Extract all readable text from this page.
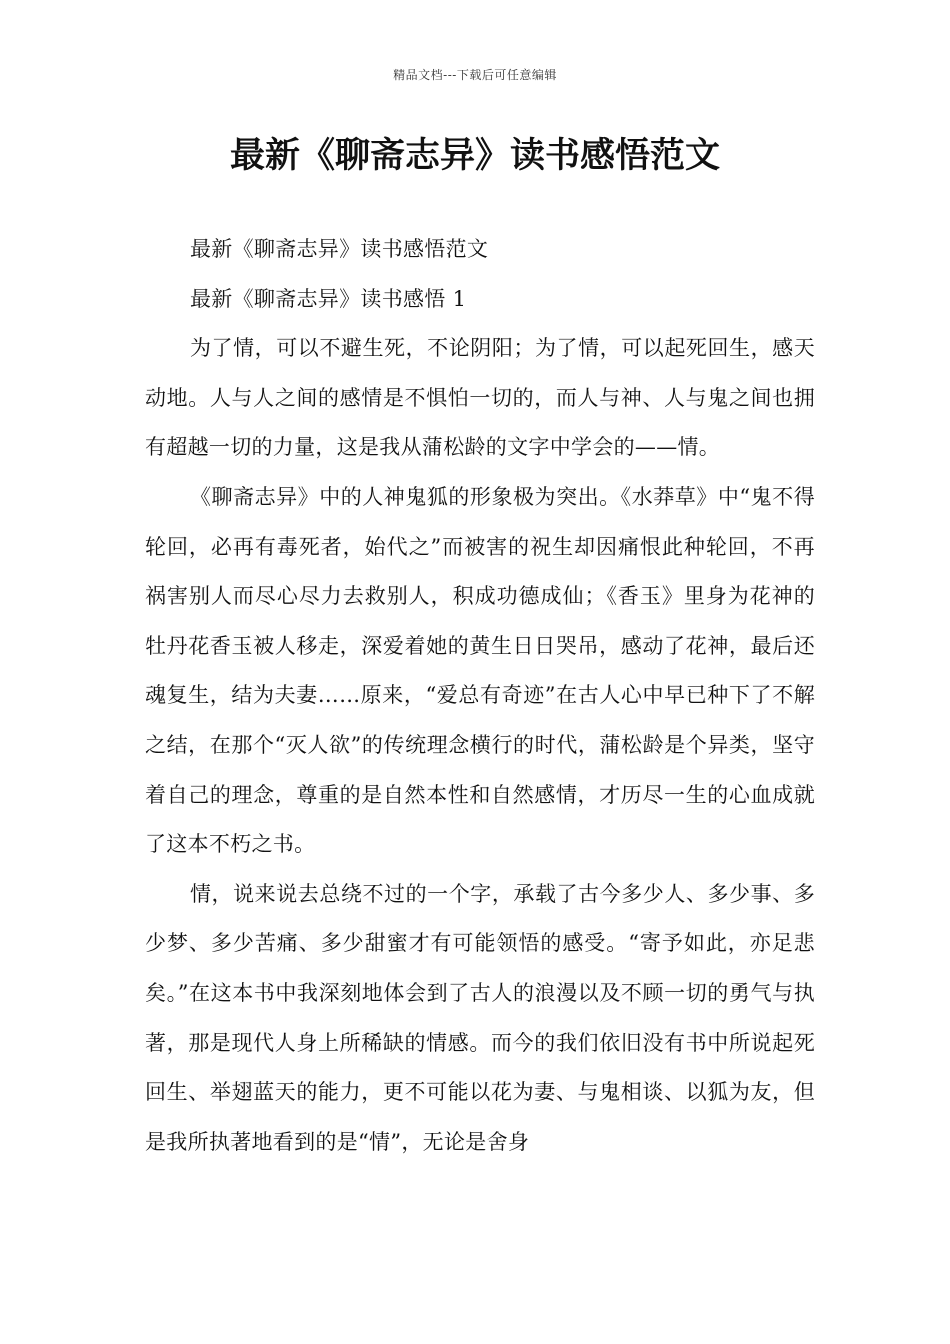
精品文档---下载后可任意编辑
最新《聊斋志异》读书感悟范文

最新《聊斋志异》读书感悟范文

最新《聊斋志异》读书感悟 1

为了情，可以不避生死，不论阴阳；为了情，可以起死回生，感天动地。人与人之间的感情是不惧怕一切的，而人与神、人与鬼之间也拥有超越一切的力量，这是我从蒲松龄的文字中学会的——情。

《聊斋志异》中的人神鬼狐的形象极为突出。《水莽草》中“鬼不得轮回，必再有毒死者，始代之”而被害的祝生却因痛恨此种轮回，不再祸害别人而尽心尽力去救别人，积成功德成仙；《香玉》里身为花神的牡丹花香玉被人移走，深爱着她的黄生日日哭吊，感动了花神，最后还魂复生，结为夫妻……原来，“爱总有奇迹”在古人心中早已种下了不解之结，在那个“灭人欲”的传统理念横行的时代，蒲松龄是个异类，坚守着自己的理念，尊重的是自然本性和自然感情，才历尽一生的心血成就了这本不朽之书。

情，说来说去总绕不过的一个字，承载了古今多少人、多少事、多少梦、多少苦痛、多少甜蜜才有可能领悟的感受。“寄予如此，亦足悲矣。”在这本书中我深刻地体会到了古人的浪漫以及不顾一切的勇气与执著，那是现代人身上所稀缺的情感。而今的我们依旧没有书中所说起死回生、举翅蓝天的能力，更不可能以花为妻、与鬼相谈、以狐为友，但是我所执著地看到的是“情”，无论是舍身
